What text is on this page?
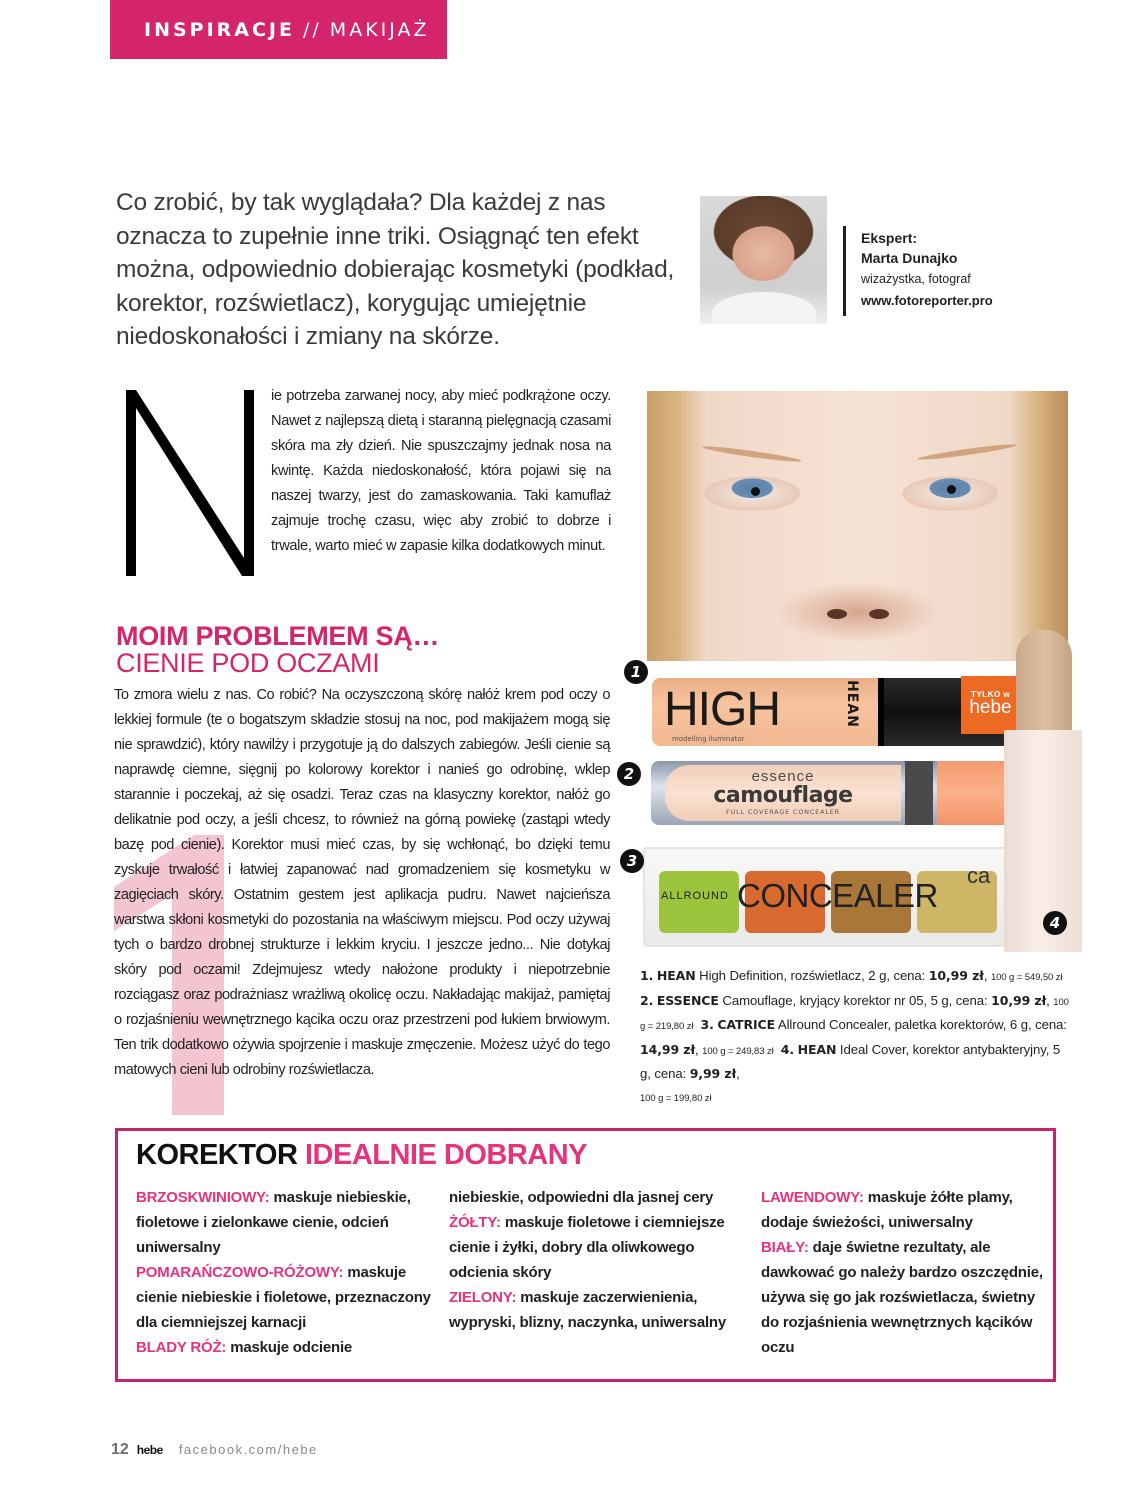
INSPIRACJE // MAKIJAŻ

Co zrobić, by tak wyglądała? Dla każdej z nas oznacza to zupełnie inne triki. Osiągnąć ten efekt można, odpowiednio dobierając kosmetyki (podkład, korektor, rozświetlacz), korygując umiejętnie niedoskonałości i zmiany na skórze.

Ekspert:
Marta Dunajko
wizażystka, fotograf
www.fotoreporter.pro

ie potrzeba zarwanej nocy, aby mieć podkrążone oczy. Nawet z najlepszą dietą i staranną pielęgnacją czasami skóra ma zły dzień. Nie spuszczajmy jednak nosa na kwintę. Każda niedoskonałość, która pojawi się na naszej twarzy, jest do zamaskowania. Taki kamuflaż zajmuje trochę czasu, więc aby zrobić to dobrze i trwale, warto mieć w zapasie kilka dodatkowych minut.

MOIM PROBLEMEM SĄ…
CIENIE POD OCZAMI

To zmora wielu z nas. Co robić? Na oczyszczoną skórę nałóż krem pod oczy o lekkiej formule (te o bogatszym składzie stosuj na noc, pod makijażem mogą się nie sprawdzić), który nawilży i przygotuje ją do dalszych zabiegów. Jeśli cienie są naprawdę ciemne, sięgnij po kolorowy korektor i nanieś go odrobinę, wklep starannie i poczekaj, aż się osadzi. Teraz czas na klasyczny korektor, nałóż go delikatnie pod oczy, a jeśli chcesz, to również na górną powiekę (zastąpi wtedy bazę pod cienie). Korektor musi mieć czas, by się wchłonąć, bo dzięki temu zyskuje trwałość i łatwiej zapanować nad gromadzeniem się kosmetyku w zagięciach skóry. Ostatnim gestem jest aplikacja pudru. Nawet najcieńsza warstwa skłoni kosmetyki do pozostania na właściwym miejscu. Pod oczy używaj tych o bardzo drobnej strukturze i lekkim kryciu. I jeszcze jedno... Nie dotykaj skóry pod oczami! Zdejmujesz wtedy nałożone produkty i niepotrzebnie rozciągasz oraz podrażniasz wrażliwą okolicę oczu. Nakładając makijaż, pamiętaj o rozjaśnieniu wewnętrznego kącika oczu oraz przestrzeni pod łukiem brwiowym. Ten trik dodatkowo ożywia spojrzenie i maskuje zmęczenie. Możesz użyć do tego matowych cieni lub odrobiny rozświetlacza.

HIGH	HEAN
modelling iluminator
TYLKO w
hebe
essence
camouflage
FULL COVERAGE CONCEALER
ALLROUND CONCEALER
ca
1
2
3
4
1. HEAN High Definition, rozświetlacz, 2 g, cena: 10,99 zł, 100 g = 549,50 zł  2. ESSENCE Camouflage, kryjący korektor nr 05, 5 g, cena: 10,99 zł, 100 g = 219,80 zł 3. CATRICE Allround Concealer, paletka korektorów, 6 g, cena: 14,99 zł, 100 g = 249,83 zł 4. HEAN Ideal Cover, korektor antybakteryjny, 5 g, cena: 9,99 zł,
100 g = 199,80 zł
KOREKTOR IDEALNIE DOBRANY
BRZOSKWINIOWY: maskuje niebieskie, fioletowe i zielonkawe cienie, odcień uniwersalny
POMARAŃCZOWO-RÓŻOWY: maskuje cienie niebieskie i fioletowe, przeznaczony dla ciemniejszej karnacji
BLADY RÓŻ: maskuje odcienie
niebieskie, odpowiedni dla jasnej cery
ŻÓŁTY: maskuje fioletowe i ciemniejsze cienie i żyłki, dobry dla oliwkowego odcienia skóry
ZIELONY: maskuje zaczerwienienia, wypryski, blizny, naczynka, uniwersalny
LAWENDOWY: maskuje żółte plamy, dodaje świeżości, uniwersalny
BIAŁY: daje świetne rezultaty, ale dawkować go należy bardzo oszczędnie, używa się go jak rozświetlacza, świetny do rozjaśnienia wewnętrznych kącików oczu
12 hebe facebook.com/hebe
